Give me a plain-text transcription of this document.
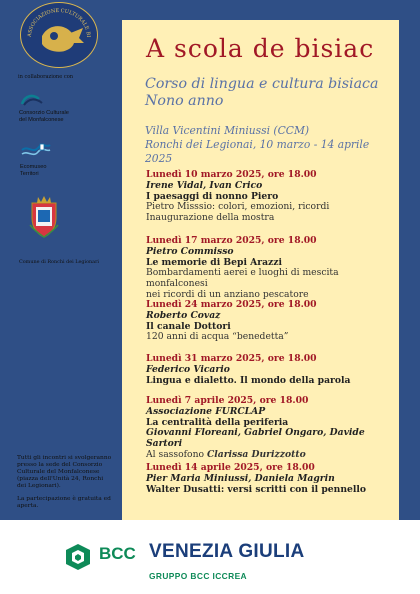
ASSOCIAZIONE CULTURALE BI
in collaborazione con
Consorzio Culturale
del Monfalconese
Ecomuseo
Territori
Comune di Ronchi dei Legionari

Tutti gli incontri si svolgeranno presso la sede del Consorzio Culturale del Monfalconese (piazza dell'Unità 24, Ronchi dei Legionari).

La partecipazione è gratuita ed aperta.

A scola de bisiac
Corso di lingua e cultura bisiaca
Nono anno
Villa Vicentini Miniussi (CCM)
Ronchi dei Legionai, 10 marzo - 14 aprile 2025
Lunedì 10 marzo 2025, ore 18.00
Irene Vidal, Ivan Crico
I paesaggi di nonno Piero
Pietro Misssio: colori, emozioni, ricordi
Inaugurazione della mostra
Lunedì 17 marzo 2025, ore 18.00
Pietro Commisso
Le memorie di Bepi Arazzi
Bombardamenti aerei e luoghi di mescita monfalconesi
nei ricordi di un anziano pescatore
Lunedì 24 marzo 2025, ore 18.00
Roberto Covaz
Il canale Dottori
120 anni di acqua “benedetta”
Lunedì 31 marzo 2025, ore 18.00
Federico Vicario
Lingua e dialetto. Il mondo della parola
Lunedì 7 aprile 2025, ore 18.00
Associazione FURCLAP
La centralità della periferia
Giovanni Floreani, Gabriel Ongaro, Davide Sartori
Al sassofono Clarissa Durizzotto
Lunedì 14 aprile 2025, ore 18.00
Pier Maria Miniussi, Daniela Magrin
Walter Dusatti: versi scritti con il pennello
BCC VENEZIA GIULIA
GRUPPO BCC ICCREA
